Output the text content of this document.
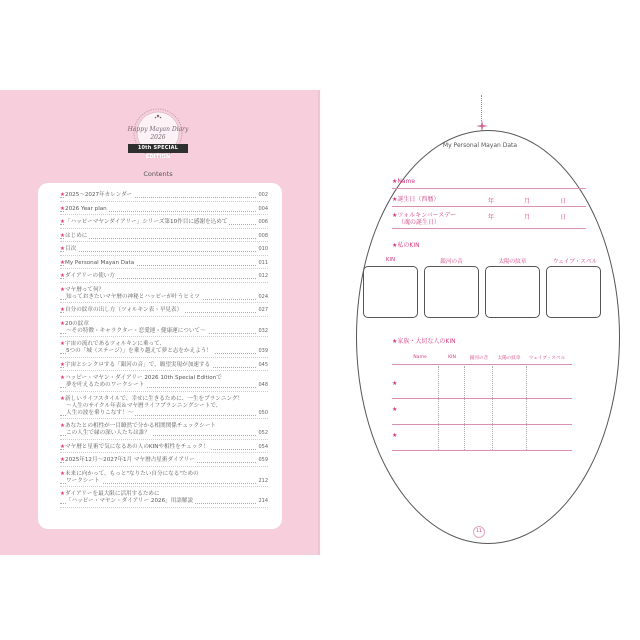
Happy Mayan Diary
2026
10th SPECIAL EDITION
Contents
★2025〜2027年カレンダー	002
★2026 Year plan	004
★「ハッピーマヤンダイアリー」シリーズ第10作目に感謝を込めて	006
★はじめに	008
★目次	010
★My Personal Mayan Data	011
★ダイアリーの使い方	012
★マヤ暦って何？
知っておきたいマヤ暦の神秘とハッピーが叶うヒミツ	024
★自分の紋章の出し方（ツォルキン表・早見表）	027
★20の紋章
〜その特徴・キャラクター・恋愛運・健康運について〜	032
★宇宙の流れであるツォルキンに乗って、
5つの「城（ステージ）」を乗り越えて夢と志をかえよう！	039
★宇宙とシンクロする「銀河の音」で、願望実現が加速する	045
★ハッピー・マヤン・ダイアリー 2026 10th Special Editionで
夢を叶えるためのワークシート	048
★新しいライフスタイルで、幸せに生きるために、一生をプランニング！
〜人生のサイクル年表＆マヤ暦ライフプランニングシートで、
人生の波を乗りこなす！〜	050
★あなたとの相性が一目瞭然で分かる相関関係チェックシート
この人生で縁の深い人たちは誰？	052
★マヤ暦と星術で気になるあの人のKINや相性をチェック！	054
★2025年12月〜2027年1月 マヤ暦占星術ダイアリー	059
★未来に向かって、もっと"なりたい自分になる"ための
ワークシート	212
★ダイアリーを最大限に活用するために
「ハッピー・マヤン・ダイアリー 2026」用語解説	214
My Personal Mayan Data
★Name
★誕生日（西暦）	年	月	日
★ツォルキンバースデー
（魂の誕生日）
年	月	日
★私のKIN
KIN	銀河の音	太陽の紋章	ウェイブ・スペル
★家族・大切な人のKIN
Name	KIN	銀河の音	太陽の紋章	ウェイブ・スペル
★
★
★
11
